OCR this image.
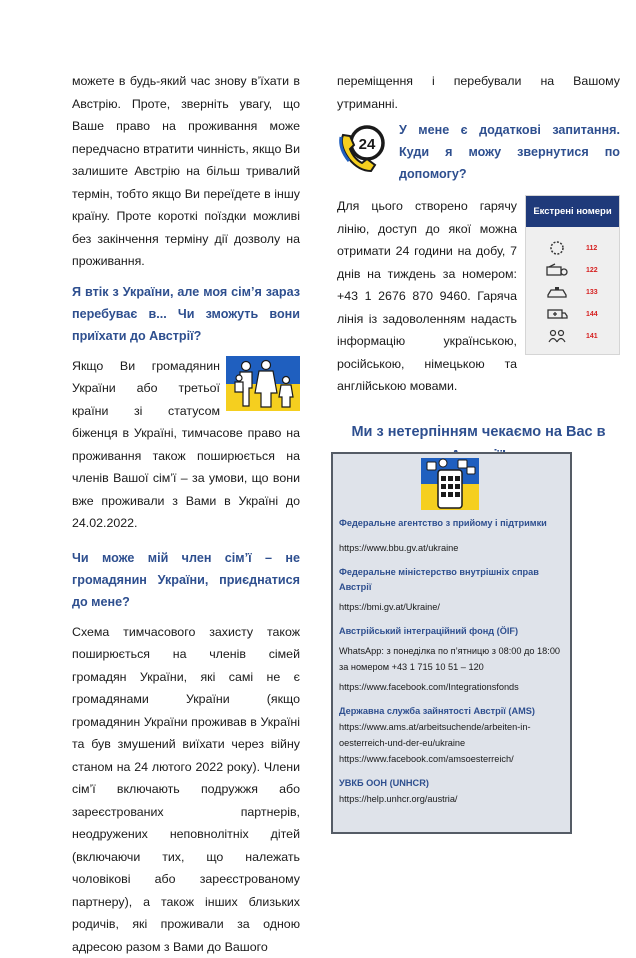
можете в будь-який час знову в’їхати в Австрію. Проте, зверніть увагу, що Ваше право на проживання може передчасно втратити чинність, якщо Ви залишите Австрію на більш тривалий термін, тобто якщо Ви переїдете в іншу країну. Проте короткі поїздки можливі без закінчення терміну дії дозволу на проживання.

Я втік з України, але моя сім’я зараз перебуває в... Чи зможуть вони приїхати до Австрії?

Якщо Ви громадянин України або третьої країни зі статусом біженця в Україні, тимчасове право на проживання також поширюється на членів Вашої сім’ї – за умови, що вони вже проживали з Вами в Україні до 24.02.2022.

Чи може мій член сім’ї – не громадянин України, приєднатися до мене?

Схема тимчасового захисту також поширюється на членів сімей громадян України, які самі не є громадянами України (якщо громадянин України проживав в Україні та був змушений виїхати через війну станом на 24 лютого 2022 року). Члени сім’ї включають подружжя або зареєстрованих партнерів, неодружених неповнолітніх дітей (включаючи тих, що належать чоловікові або зареєстрованому партнеру), а також інших близьких родичів, які проживали за одною адресою разом з Вами до Вашого

переміщення і перебували на Вашому утриманні.

24
У мене є додаткові запитання. Куди я можу звернутися по допомогу?

Для цього створено гарячу лінію, доступ до якої можна отримати 24 години на добу, 7 днів на тиждень за номером: +43 1 2676 870 9460. Гаряча лінія із задоволенням надасть інформацію українською, російською, німецькою та англійською мовами.

Екстрені номери
112
122
133
144
141
Ми з нетерпінням чекаємо на Вас в

Федеральне агентство з прийому і підтримки

https://www.bbu.gv.at/ukraine

Федеральне міністерство внутрішніх справ Австрії

https://bmi.gv.at/Ukraine/

Австрійський інтеграційний фонд (ÖIF)

WhatsApp: з понеділка по п’ятницю з 08:00 до 18:00 за номером +43 1 715 10 51 – 120

https://www.facebook.com/Integrationsfonds

Державна служба зайнятості Австрії (AMS)

https://www.ams.at/arbeitsuchende/arbeiten-in-oesterreich-und-der-eu/ukraine

https://www.facebook.com/amsoesterreich/

УВКБ ООН (UNHCR)

https://help.unhcr.org/austria/
